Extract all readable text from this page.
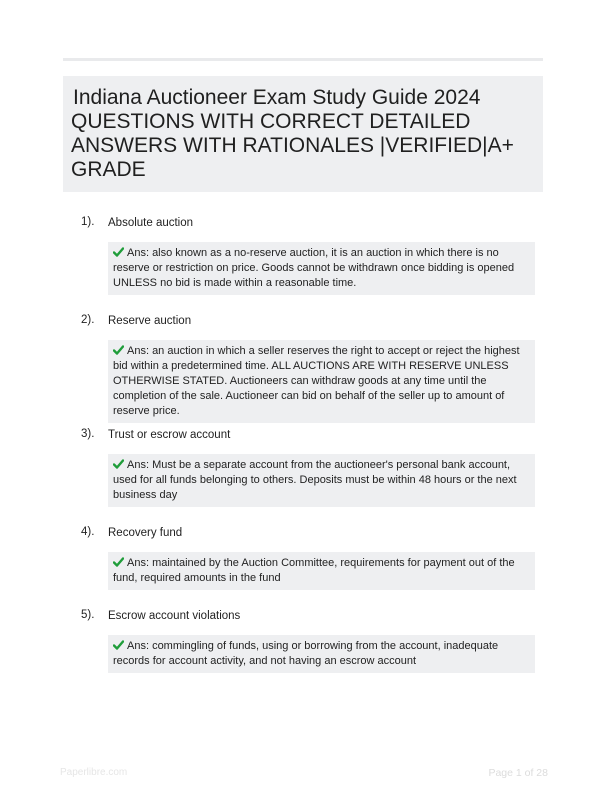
Indiana Auctioneer Exam Study Guide 2024
QUESTIONS WITH CORRECT DETAILED
ANSWERS WITH RATIONALES |VERIFIED|A+
GRADE
1). Absolute auction
Ans: also known as a no-reserve auction, it is an auction in which there is no reserve or restriction on price. Goods cannot be withdrawn once bidding is opened UNLESS no bid is made within a reasonable time.
2). Reserve auction
Ans: an auction in which a seller reserves the right to accept or reject the highest bid within a predetermined time. ALL AUCTIONS ARE WITH RESERVE UNLESS OTHERWISE STATED. Auctioneers can withdraw goods at any time until the completion of the sale. Auctioneer can bid on behalf of the seller up to amount of reserve price.
3). Trust or escrow account
Ans: Must be a separate account from the auctioneer's personal bank account, used for all funds belonging to others. Deposits must be within 48 hours or the next business day
4). Recovery fund
Ans: maintained by the Auction Committee, requirements for payment out of the fund, required amounts in the fund
5). Escrow account violations
Ans: commingling of funds, using or borrowing from the account, inadequate records for account activity, and not having an escrow account
Paperlibre.com	Page 1 of 28
